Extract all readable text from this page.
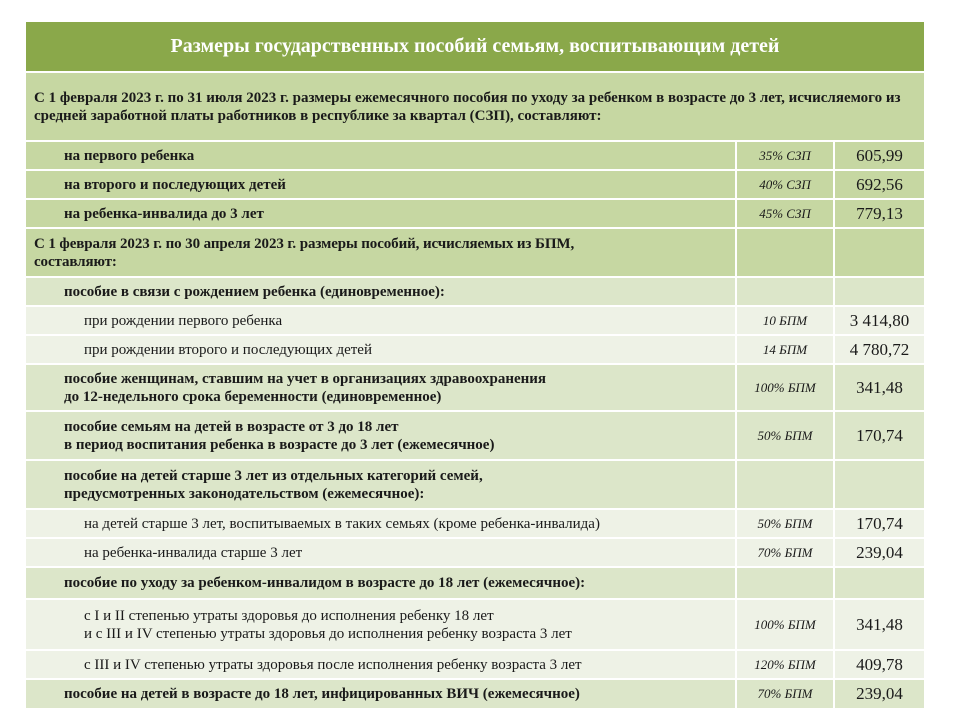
Размеры государственных пособий семьям, воспитывающим детей
С 1 февраля 2023 г. по 31 июля 2023 г. размеры ежемесячного пособия по уходу за ребенком в возрасте до 3 лет, исчисляемого из средней заработной платы работников в республике за квартал (СЗП), составляют:
на первого ребенка	35% СЗП	605,99
на второго и последующих детей	40% СЗП	692,56
на ребенка-инвалида до 3 лет	45% СЗП	779,13
С 1 февраля 2023 г. по 30 апреля 2023 г. размеры пособий, исчисляемых из БПМ,
составляют:
пособие в связи с рождением ребенка (единовременное):
при рождении первого ребенка	10 БПМ	3 414,80
при рождении второго и последующих детей	14 БПМ	4 780,72
пособие женщинам, ставшим на учет в организациях здравоохранения
до 12-недельного срока беременности (единовременное)
100% БПМ	341,48
пособие семьям на детей в возрасте от 3 до 18 лет
в период воспитания ребенка в возрасте до 3 лет (ежемесячное)
50% БПМ	170,74
пособие на детей старше 3 лет из отдельных категорий семей,
предусмотренных законодательством (ежемесячное):
на детей старше 3 лет, воспитываемых в таких семьях (кроме ребенка-инвалида)	50% БПМ	170,74
на ребенка-инвалида старше 3 лет	70% БПМ	239,04
пособие по уходу за ребенком-инвалидом в возрасте до 18 лет (ежемесячное):
с I и II степенью утраты здоровья до исполнения ребенку 18 лет
и с III и IV степенью утраты здоровья до исполнения ребенку возраста 3 лет
100% БПМ	341,48
с III и IV степенью утраты здоровья после исполнения ребенку возраста 3 лет	120% БПМ	409,78
пособие на детей в возрасте до 18 лет, инфицированных ВИЧ (ежемесячное)	70% БПМ	239,04
